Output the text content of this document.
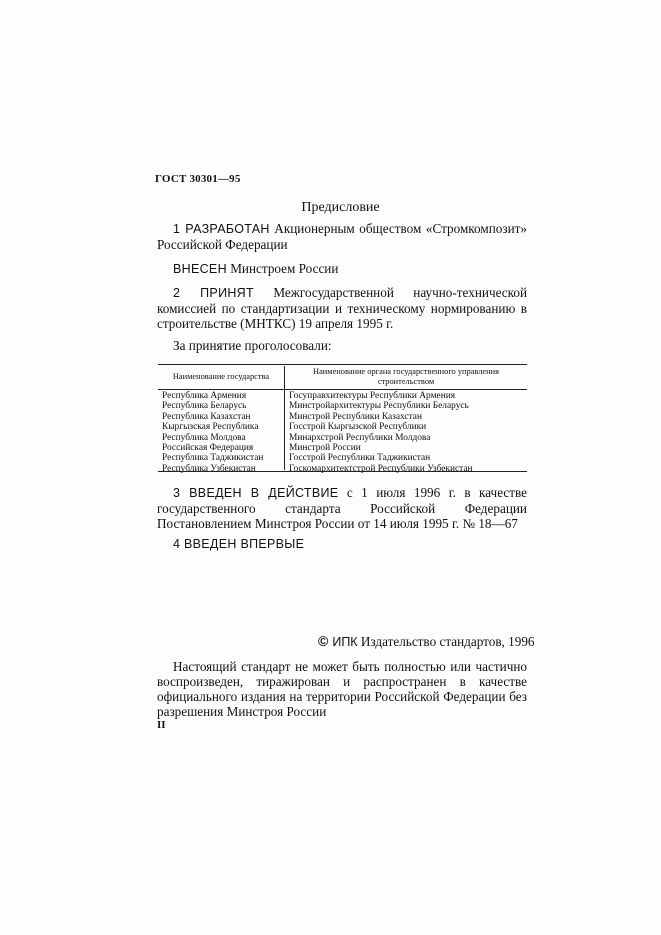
ГОСТ 30301—95
Предисловие
1 РАЗРАБОТАН Акционерным обществом «Стромкомпозит» Российской Федерации
ВНЕСЕН Минстроем России
2 ПРИНЯТ Межгосударственной научно-технической комиссией по стандартизации и техническому нормированию в строительстве (МНТКС) 19 апреля 1995 г.
За принятие проголосовали:
Наименование государства
Наименование органа государственного управления строительством
Республика Армения
Республика Беларусь
Республика Казахстан
Кыргызская Республика
Республика Молдова
Российская Федерация
Республика Таджикистан
Республика Узбекистан
Госуправхитектуры Республики Армения
Минстройархитектуры Республики Беларусь
Минстрой Республики Казахстан
Госстрой Кыргызской Республики
Минархстрой Республики Молдова
Минстрой России
Госстрой Республики Таджикистан
Госкомархитектстрой Республики Узбекистан
3 ВВЕДЕН В ДЕЙСТВИЕ с 1 июля 1996 г. в качестве государственного стандарта Российской Федерации Постановлением Минстроя России от 14 июля 1995 г. № 18—67
4 ВВЕДЕН ВПЕРВЫЕ
© ИПК Издательство стандартов, 1996
Настоящий стандарт не может быть полностью или частично воспроизведен, тиражирован и распространен в качестве официального издания на территории Российской Федерации без разрешения Минстроя России
II
